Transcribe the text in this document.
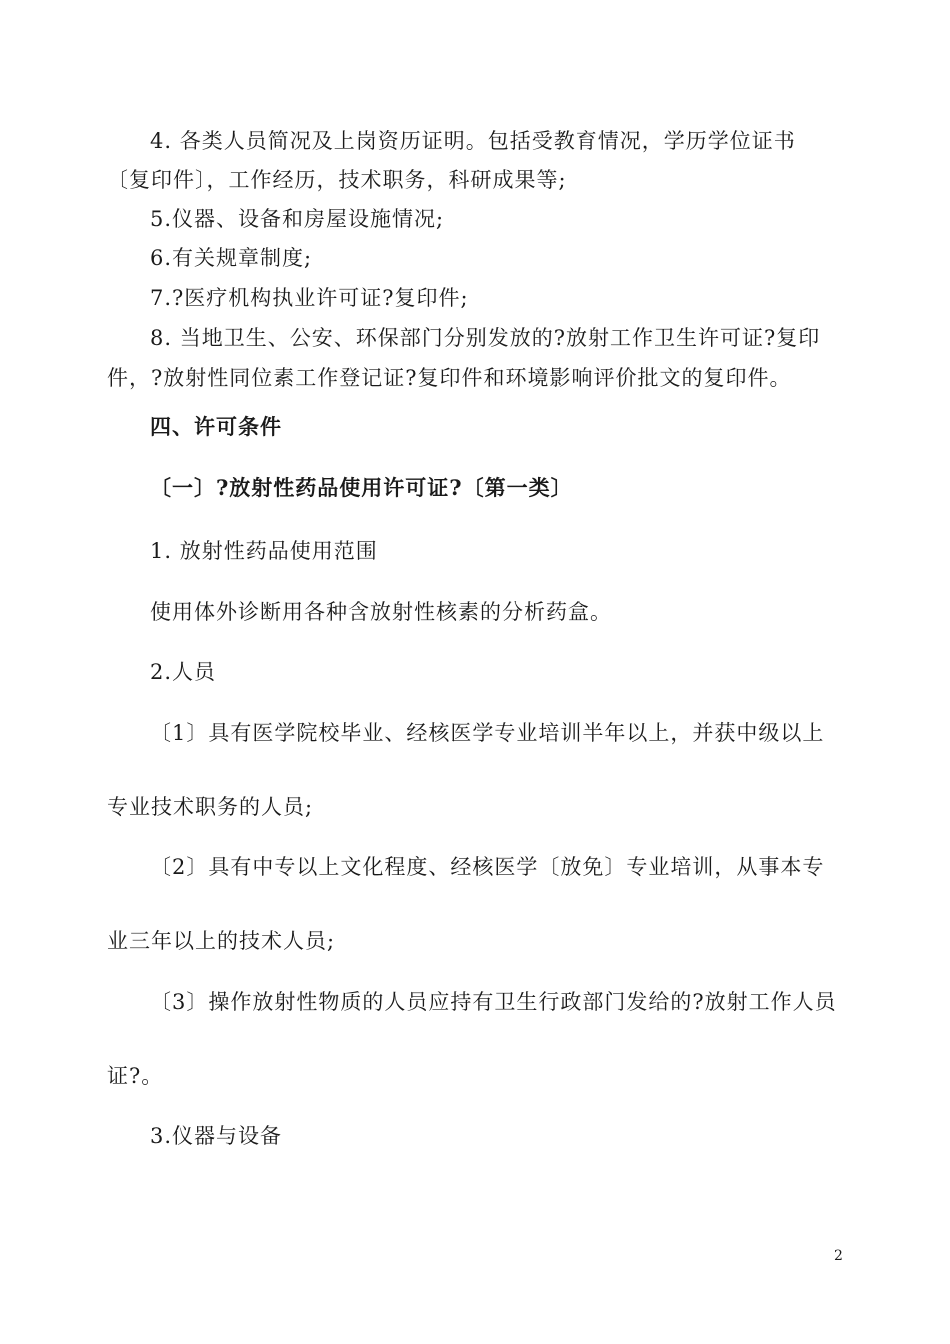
4. 各类人员简况及上岗资历证明。包括受教育情况，学历学位证书
〔复印件〕，工作经历，技术职务，科研成果等;
5.仪器、设备和房屋设施情况;
6.有关规章制度;
7.?医疗机构执业许可证?复印件;
8. 当地卫生、公安、环保部门分别发放的?放射工作卫生许可证?复印
件，?放射性同位素工作登记证?复印件和环境影响评价批文的复印件。
四、许可条件
〔一〕?放射性药品使用许可证?〔第一类〕
1. 放射性药品使用范围
使用体外诊断用各种含放射性核素的分析药盒。
2.人员
〔1〕具有医学院校毕业、经核医学专业培训半年以上，并获中级以上
专业技术职务的人员;
〔2〕具有中专以上文化程度、经核医学〔放免〕专业培训，从事本专
业三年以上的技术人员;
〔3〕操作放射性物质的人员应持有卫生行政部门发给的?放射工作人员
证?。
3.仪器与设备
2
